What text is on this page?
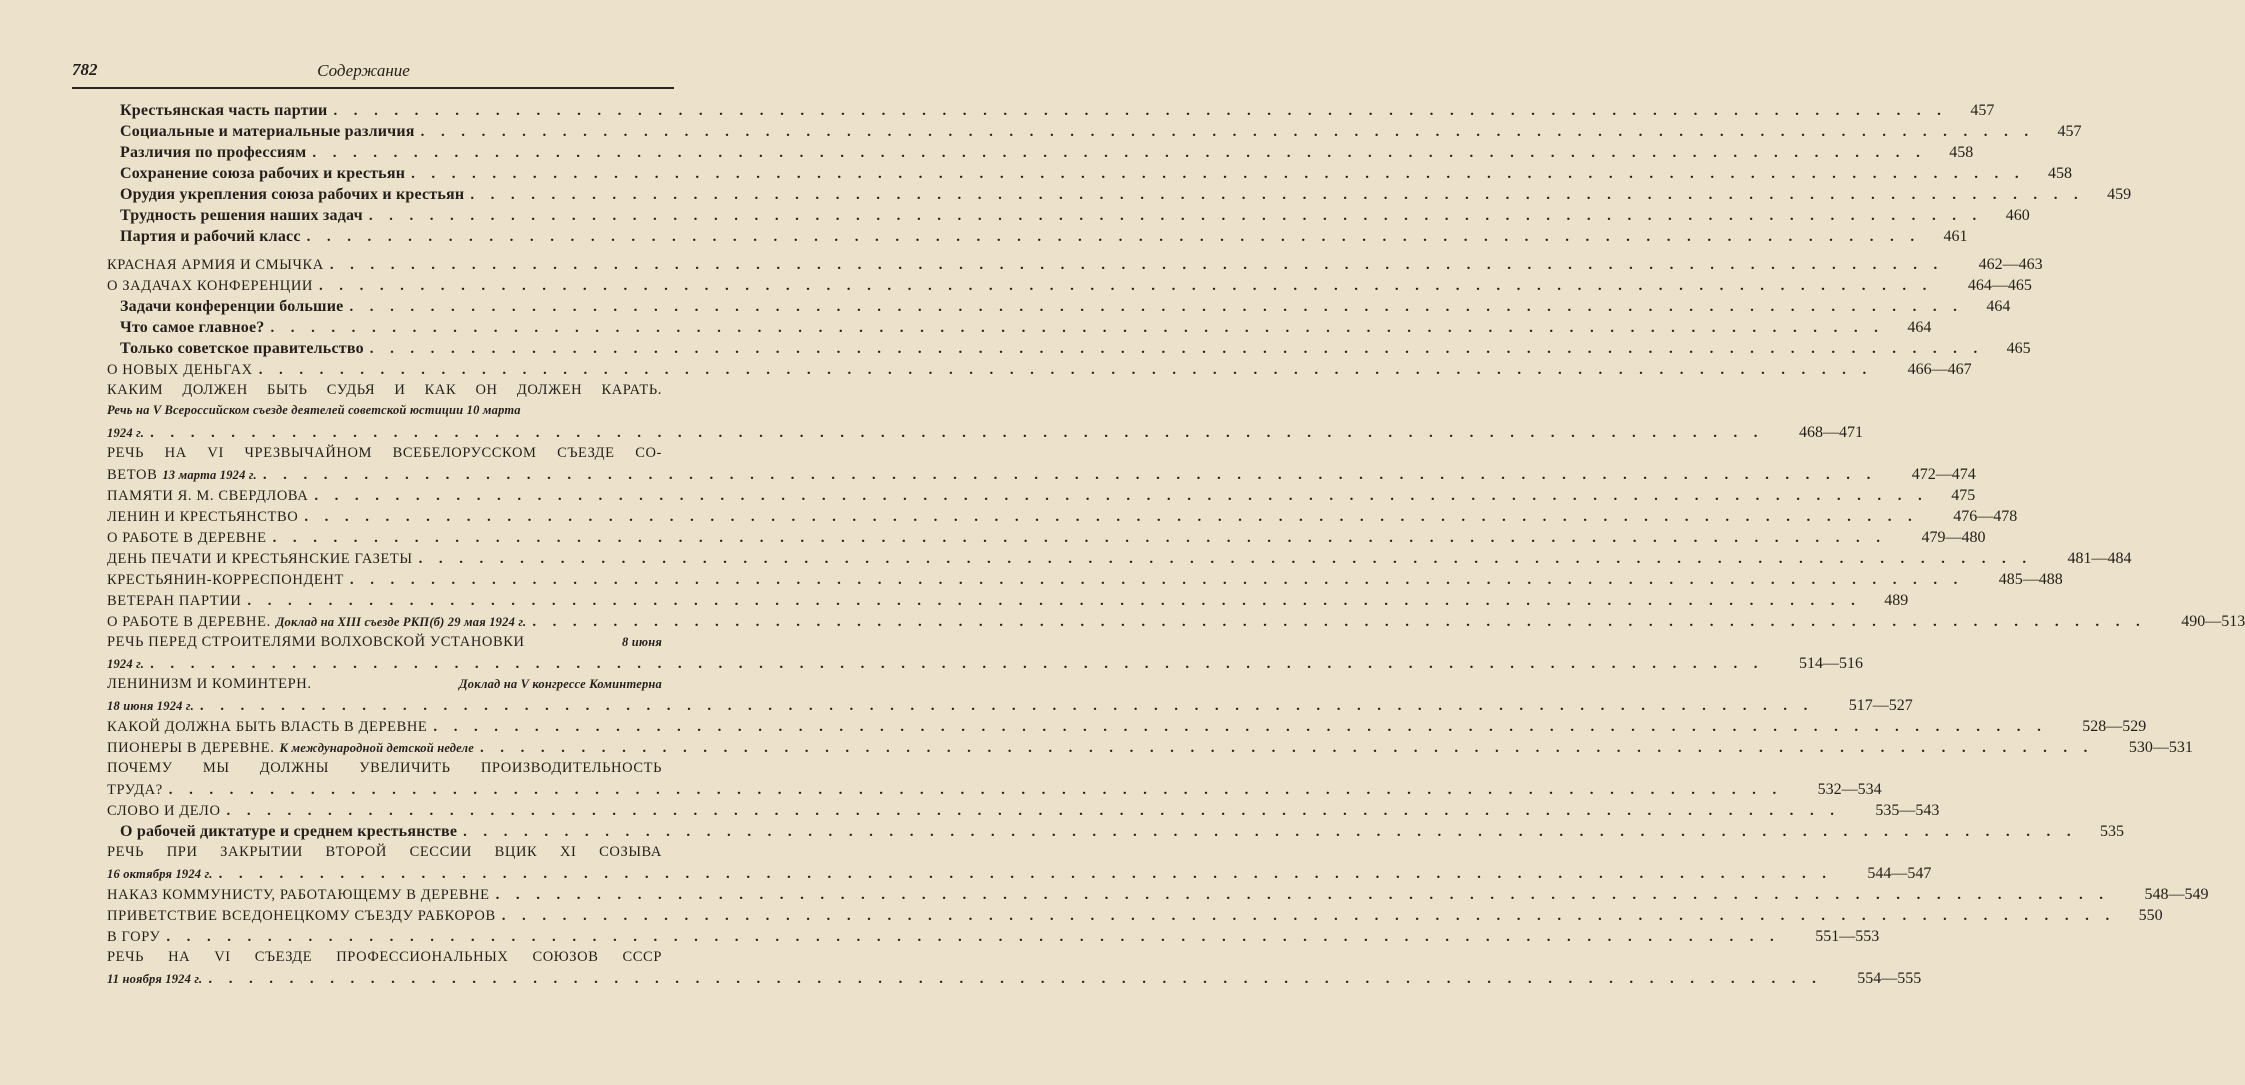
782	Содержание
Крестьянская часть партии . . . . . . . . . . . . . . . . . . . . . . . . . . . . . . . . . . . . . . . . . . . . . . . . . . . . . . . . . . . . . . . . . . . . . . . . . . . . . . . .	457
Социальные и материальные различия . . . . . . . . . . . . . . . . . . . . . . . . . . . . . . . . . . . . . . . . . . . . . . . . . . . . . . . . . . . . . . . . . . . . . . . . . . . . . . . .	457
Различия по профессиям . . . . . . . . . . . . . . . . . . . . . . . . . . . . . . . . . . . . . . . . . . . . . . . . . . . . . . . . . . . . . . . . . . . . . . . . . . . . . . . .	458
Сохранение союза рабочих и крестьян . . . . . . . . . . . . . . . . . . . . . . . . . . . . . . . . . . . . . . . . . . . . . . . . . . . . . . . . . . . . . . . . . . . . . . . . . . . . . . . .	458
Орудия укрепления союза рабочих и крестьян . . . . . . . . . . . . . . . . . . . . . . . . . . . . . . . . . . . . . . . . . . . . . . . . . . . . . . . . . . . . . . . . . . . . . . . . . . . . . . . .	459
Трудность решения наших задач . . . . . . . . . . . . . . . . . . . . . . . . . . . . . . . . . . . . . . . . . . . . . . . . . . . . . . . . . . . . . . . . . . . . . . . . . . . . . . . .	460
Партия и рабочий класс . . . . . . . . . . . . . . . . . . . . . . . . . . . . . . . . . . . . . . . . . . . . . . . . . . . . . . . . . . . . . . . . . . . . . . . . . . . . . . . .	461
КРАСНАЯ АРМИЯ И СМЫЧКА . . . . . . . . . . . . . . . . . . . . . . . . . . . . . . . . . . . . . . . . . . . . . . . . . . . . . . . . . . . . . . . . . . . . . . . . . . . . . . . .	462—463
О ЗАДАЧАХ КОНФЕРЕНЦИИ . . . . . . . . . . . . . . . . . . . . . . . . . . . . . . . . . . . . . . . . . . . . . . . . . . . . . . . . . . . . . . . . . . . . . . . . . . . . . . . .	464—465
Задачи конференции большие . . . . . . . . . . . . . . . . . . . . . . . . . . . . . . . . . . . . . . . . . . . . . . . . . . . . . . . . . . . . . . . . . . . . . . . . . . . . . . . .	464
Что самое главное? . . . . . . . . . . . . . . . . . . . . . . . . . . . . . . . . . . . . . . . . . . . . . . . . . . . . . . . . . . . . . . . . . . . . . . . . . . . . . . . .	464
Только советское правительство . . . . . . . . . . . . . . . . . . . . . . . . . . . . . . . . . . . . . . . . . . . . . . . . . . . . . . . . . . . . . . . . . . . . . . . . . . . . . . . .	465
О НОВЫХ ДЕНЬГАХ . . . . . . . . . . . . . . . . . . . . . . . . . . . . . . . . . . . . . . . . . . . . . . . . . . . . . . . . . . . . . . . . . . . . . . . . . . . . . . . .	466—467
КАКИМ ДОЛЖЕН БЫТЬ СУДЬЯ И КАК ОН ДОЛЖЕН КАРАТЬ.
Речь на V Всероссийском съезде деятелей советской юстиции 10 марта
1924 г. . . . . . . . . . . . . . . . . . . . . . . . . . . . . . . . . . . . . . . . . . . . . . . . . . . . . . . . . . . . . . . . . . . . . . . . . . . . . . . . .	468—471
РЕЧЬ НА VI ЧРЕЗВЫЧАЙНОМ ВСЕБЕЛОРУССКОМ СЪЕЗДЕ СО-
ВЕТОВ 13 марта 1924 г. . . . . . . . . . . . . . . . . . . . . . . . . . . . . . . . . . . . . . . . . . . . . . . . . . . . . . . . . . . . . . . . . . . . . . . . . . . . . . . . .	472—474
ПАМЯТИ Я. М. СВЕРДЛОВА . . . . . . . . . . . . . . . . . . . . . . . . . . . . . . . . . . . . . . . . . . . . . . . . . . . . . . . . . . . . . . . . . . . . . . . . . . . . . . . .	475
ЛЕНИН И КРЕСТЬЯНСТВО . . . . . . . . . . . . . . . . . . . . . . . . . . . . . . . . . . . . . . . . . . . . . . . . . . . . . . . . . . . . . . . . . . . . . . . . . . . . . . . .	476—478
О РАБОТЕ В ДЕРЕВНЕ . . . . . . . . . . . . . . . . . . . . . . . . . . . . . . . . . . . . . . . . . . . . . . . . . . . . . . . . . . . . . . . . . . . . . . . . . . . . . . . .	479—480
ДЕНЬ ПЕЧАТИ И КРЕСТЬЯНСКИЕ ГАЗЕТЫ . . . . . . . . . . . . . . . . . . . . . . . . . . . . . . . . . . . . . . . . . . . . . . . . . . . . . . . . . . . . . . . . . . . . . . . . . . . . . . . .	481—484
КРЕСТЬЯНИН-КОРРЕСПОНДЕНТ . . . . . . . . . . . . . . . . . . . . . . . . . . . . . . . . . . . . . . . . . . . . . . . . . . . . . . . . . . . . . . . . . . . . . . . . . . . . . . . .	485—488
ВЕТЕРАН ПАРТИИ . . . . . . . . . . . . . . . . . . . . . . . . . . . . . . . . . . . . . . . . . . . . . . . . . . . . . . . . . . . . . . . . . . . . . . . . . . . . . . . .	489
О РАБОТЕ В ДЕРЕВНЕ. Доклад на XIII съезде РКП(б) 29 мая 1924 г. . . . . . . . . . . . . . . . . . . . . . . . . . . . . . . . . . . . . . . . . . . . . . . . . . . . . . . . . . . . . . . . . . . . . . . . . . . . . . . . .	490—513
РЕЧЬ ПЕРЕД СТРОИТЕЛЯМИ ВОЛХОВСКОЙ УСТАНОВКИ	8 июня
1924 г. . . . . . . . . . . . . . . . . . . . . . . . . . . . . . . . . . . . . . . . . . . . . . . . . . . . . . . . . . . . . . . . . . . . . . . . . . . . . . . . .	514—516
ЛЕНИНИЗМ И КОМИНТЕРН.	Доклад на V конгрессе Коминтерна
18 июня 1924 г. . . . . . . . . . . . . . . . . . . . . . . . . . . . . . . . . . . . . . . . . . . . . . . . . . . . . . . . . . . . . . . . . . . . . . . . . . . . . . . . .	517—527
КАКОЙ ДОЛЖНА БЫТЬ ВЛАСТЬ В ДЕРЕВНЕ . . . . . . . . . . . . . . . . . . . . . . . . . . . . . . . . . . . . . . . . . . . . . . . . . . . . . . . . . . . . . . . . . . . . . . . . . . . . . . . .	528—529
ПИОНЕРЫ В ДЕРЕВНЕ. К международной детской неделе . . . . . . . . . . . . . . . . . . . . . . . . . . . . . . . . . . . . . . . . . . . . . . . . . . . . . . . . . . . . . . . . . . . . . . . . . . . . . . . .	530—531
ПОЧЕМУ МЫ ДОЛЖНЫ УВЕЛИЧИТЬ ПРОИЗВОДИТЕЛЬНОСТЬ
ТРУДА? . . . . . . . . . . . . . . . . . . . . . . . . . . . . . . . . . . . . . . . . . . . . . . . . . . . . . . . . . . . . . . . . . . . . . . . . . . . . . . . .	532—534
СЛОВО И ДЕЛО . . . . . . . . . . . . . . . . . . . . . . . . . . . . . . . . . . . . . . . . . . . . . . . . . . . . . . . . . . . . . . . . . . . . . . . . . . . . . . . .	535—543
О рабочей диктатуре и среднем крестьянстве . . . . . . . . . . . . . . . . . . . . . . . . . . . . . . . . . . . . . . . . . . . . . . . . . . . . . . . . . . . . . . . . . . . . . . . . . . . . . . . .	535
РЕЧЬ ПРИ ЗАКРЫТИИ ВТОРОЙ СЕССИИ ВЦИК XI СОЗЫВА
16 октября 1924 г. . . . . . . . . . . . . . . . . . . . . . . . . . . . . . . . . . . . . . . . . . . . . . . . . . . . . . . . . . . . . . . . . . . . . . . . . . . . . . . . .	544—547
НАКАЗ КОММУНИСТУ, РАБОТАЮЩЕМУ В ДЕРЕВНЕ . . . . . . . . . . . . . . . . . . . . . . . . . . . . . . . . . . . . . . . . . . . . . . . . . . . . . . . . . . . . . . . . . . . . . . . . . . . . . . . .	548—549
ПРИВЕТСТВИЕ ВСЕДОНЕЦКОМУ СЪЕЗДУ РАБКОРОВ . . . . . . . . . . . . . . . . . . . . . . . . . . . . . . . . . . . . . . . . . . . . . . . . . . . . . . . . . . . . . . . . . . . . . . . . . . . . . . . .	550
В ГОРУ . . . . . . . . . . . . . . . . . . . . . . . . . . . . . . . . . . . . . . . . . . . . . . . . . . . . . . . . . . . . . . . . . . . . . . . . . . . . . . . .	551—553
РЕЧЬ НА VI СЪЕЗДЕ ПРОФЕССИОНАЛЬНЫХ СОЮЗОВ СССР
11 ноября 1924 г. . . . . . . . . . . . . . . . . . . . . . . . . . . . . . . . . . . . . . . . . . . . . . . . . . . . . . . . . . . . . . . . . . . . . . . . . . . . . . . . .	554—555
